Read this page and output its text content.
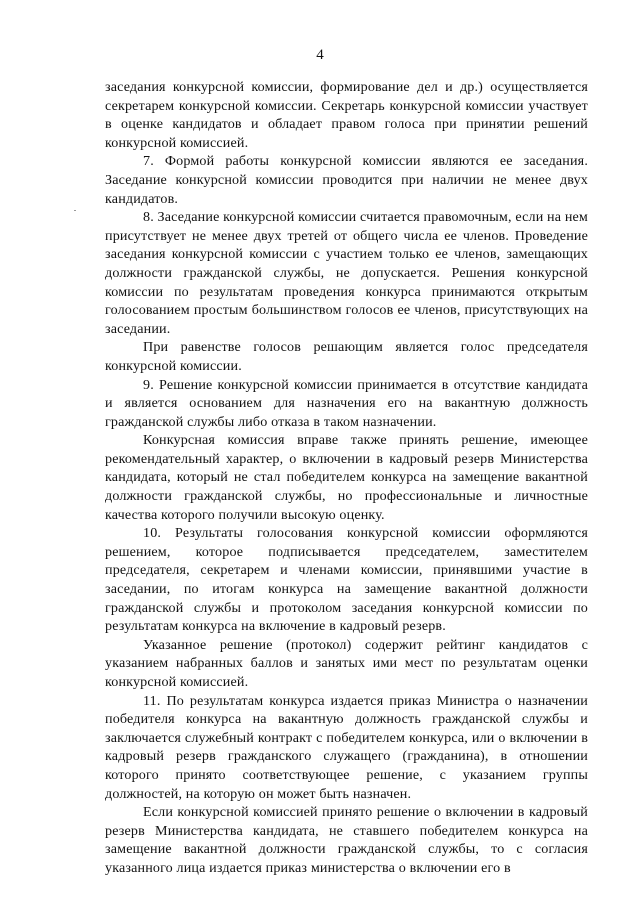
4

заседания конкурсной комиссии, формирование дел и др.) осуществляется секретарем конкурсной комиссии. Секретарь конкурсной комиссии участвует в оценке кандидатов и обладает правом голоса при принятии решений конкурсной комиссией.

7. Формой работы конкурсной комиссии являются ее заседания. Заседание конкурсной комиссии проводится при наличии не менее двух кандидатов.

8. Заседание конкурсной комиссии считается правомочным, если на нем присутствует не менее двух третей от общего числа ее членов. Проведение заседания конкурсной комиссии с участием только ее членов, замещающих должности гражданской службы, не допускается. Решения конкурсной комиссии по результатам проведения конкурса принимаются открытым голосованием простым большинством голосов ее членов, присутствующих на заседании.

При равенстве голосов решающим является голос председателя конкурсной комиссии.

9. Решение конкурсной комиссии принимается в отсутствие кандидата и является основанием для назначения его на вакантную должность гражданской службы либо отказа в таком назначении.

Конкурсная комиссия вправе также принять решение, имеющее рекомендательный характер, о включении в кадровый резерв Министерства кандидата, который не стал победителем конкурса на замещение вакантной должности гражданской службы, но профессиональные и личностные качества которого получили высокую оценку.

10. Результаты голосования конкурсной комиссии оформляются решением, которое подписывается председателем, заместителем председателя, секретарем и членами комиссии, принявшими участие в заседании, по итогам конкурса на замещение вакантной должности гражданской службы и протоколом заседания конкурсной комиссии по результатам конкурса на включение в кадровый резерв.

Указанное решение (протокол) содержит рейтинг кандидатов с указанием набранных баллов и занятых ими мест по результатам оценки конкурсной комиссией.

11. По результатам конкурса издается приказ Министра о назначении победителя конкурса на вакантную должность гражданской службы и заключается служебный контракт с победителем конкурса, или о включении в кадровый резерв гражданского служащего (гражданина), в отношении которого принято соответствующее решение, с указанием группы должностей, на которую он может быть назначен.

Если конкурсной комиссией принято решение о включении в кадровый резерв Министерства кандидата, не ставшего победителем конкурса на замещение вакантной должности гражданской службы, то с согласия указанного лица издается приказ министерства о включении его в
